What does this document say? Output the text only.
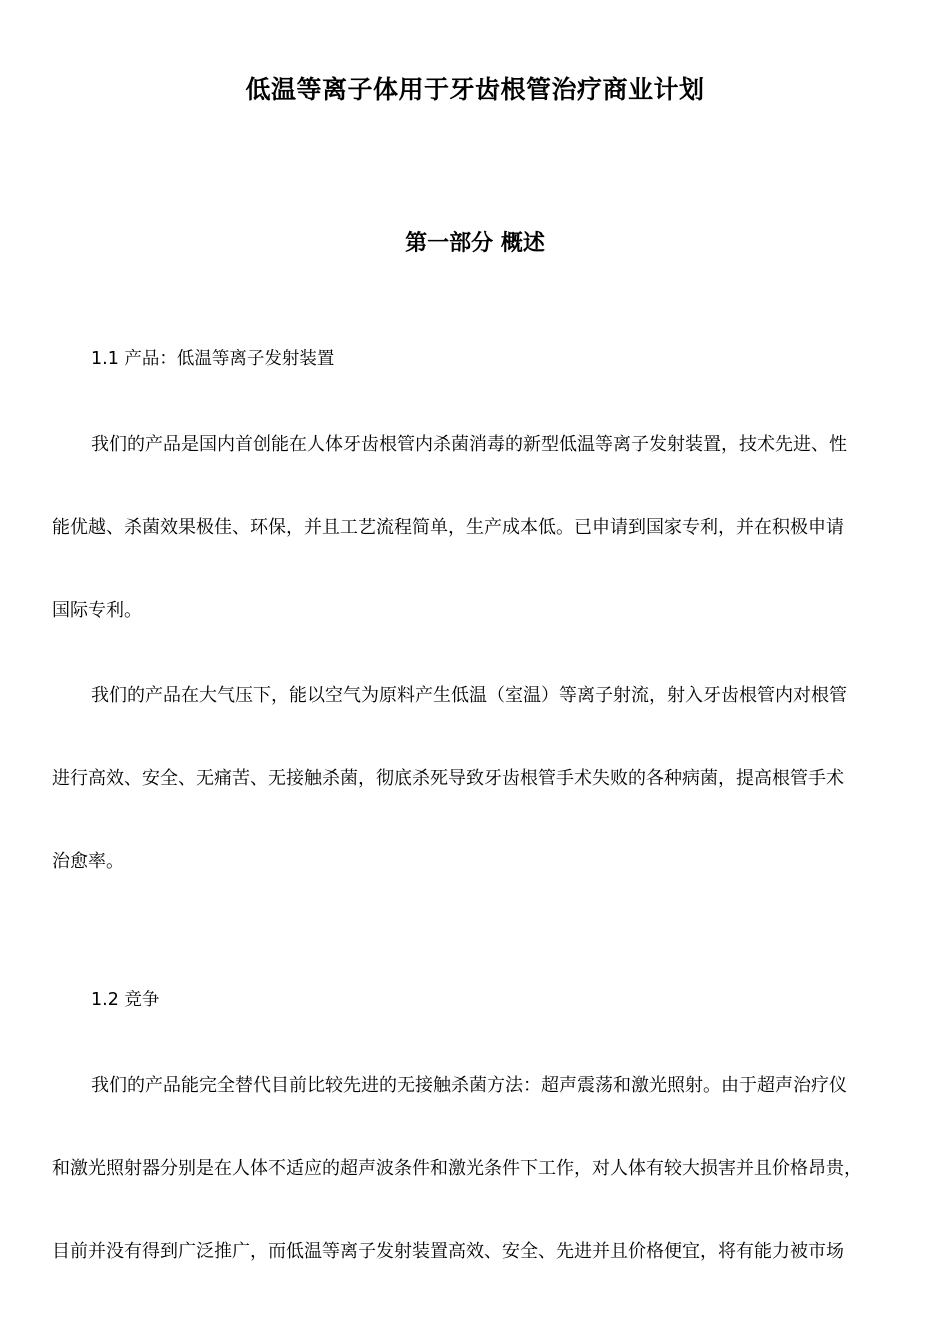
低温等离子体用于牙齿根管治疗商业计划
第一部分 概述
1.1 产品：低温等离子发射装置
我们的产品是国内首创能在人体牙齿根管内杀菌消毒的新型低温等离子发射装置，技术先进、性
能优越、杀菌效果极佳、环保，并且工艺流程简单，生产成本低。已申请到国家专利，并在积极申请
国际专利。
我们的产品在大气压下，能以空气为原料产生低温（室温）等离子射流，射入牙齿根管内对根管
进行高效、安全、无痛苦、无接触杀菌，彻底杀死导致牙齿根管手术失败的各种病菌，提高根管手术
治愈率。
1.2 竞争
我们的产品能完全替代目前比较先进的无接触杀菌方法：超声震荡和激光照射。由于超声治疗仪
和激光照射器分别是在人体不适应的超声波条件和激光条件下工作，对人体有较大损害并且价格昂贵，
目前并没有得到广泛推广，而低温等离子发射装置高效、安全、先进并且价格便宜，将有能力被市场
